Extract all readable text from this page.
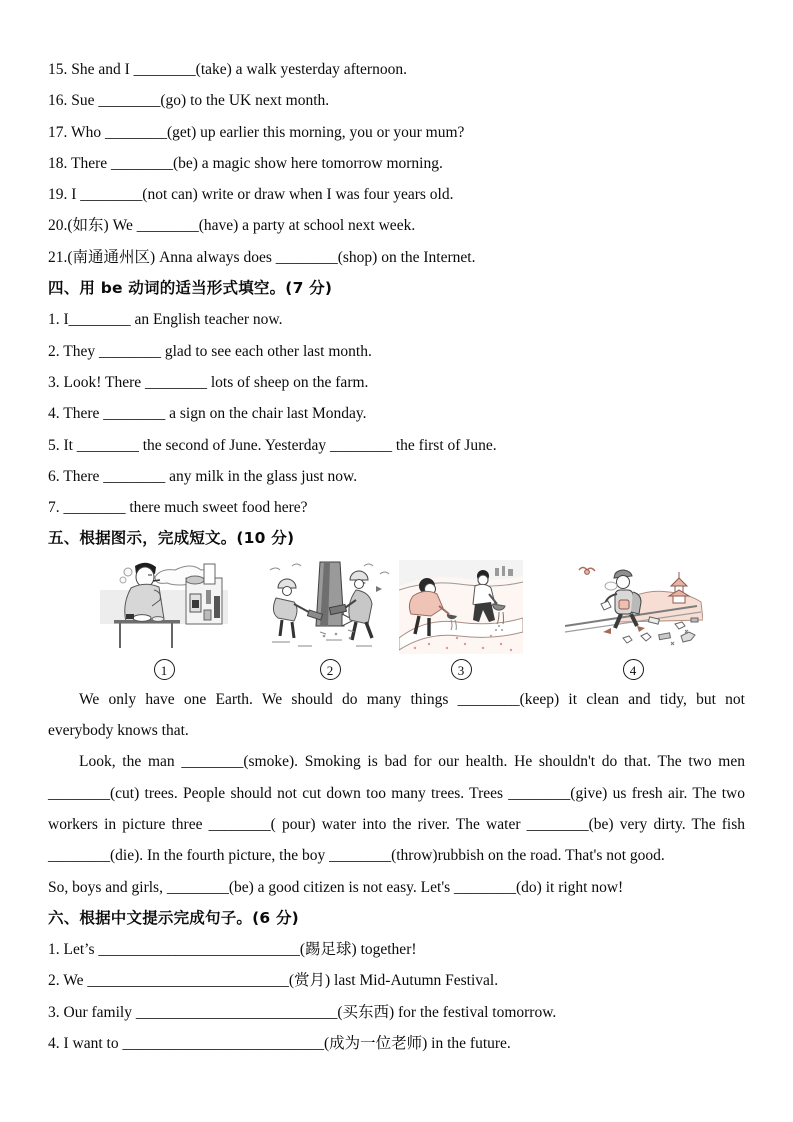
15. She and I ________(take) a walk yesterday afternoon.
16. Sue ________(go) to the UK next month.
17. Who ________(get) up earlier this morning, you or your mum?
18. There ________(be) a magic show here tomorrow morning.
19. I ________(not can) write or draw when I was four years old.
20.(如东) We ________(have) a party at school next week.
21.(南通通州区) Anna always does ________(shop) on the Internet.
四、用 be 动词的适当形式填空。(7 分)
1. I________ an English teacher now.
2. They ________ glad to see each other last month.
3. Look! There ________ lots of sheep on the farm.
4. There ________ a sign on the chair last Monday.
5. It ________ the second of June. Yesterday ________ the first of June.
6. There ________ any milk in the glass just now.
7. ________ there much sweet food here?
五、根据图示，完成短文。(10 分)
1	2	3	4
We only have one Earth. We should do many things ________(keep) it clean and tidy, but not
everybody knows that.
Look, the man ________(smoke). Smoking is bad for our health. He shouldn't do that. The two men
________(cut) trees. People should not cut down too many trees. Trees ________(give) us fresh air. The two
workers in picture three ________( pour) water into the river. The water ________(be) very dirty. The fish
________(die). In the fourth picture, the boy ________(throw)rubbish on the road. That's not good.
So, boys and girls, ________(be) a good citizen is not easy. Let's ________(do) it right now!
六、根据中文提示完成句子。(6 分)
1. Let’s __________________________(踢足球) together!
2. We __________________________(赏月) last Mid-Autumn Festival.
3. Our family __________________________(买东西) for the festival tomorrow.
4. I want to __________________________(成为一位老师) in the future.
